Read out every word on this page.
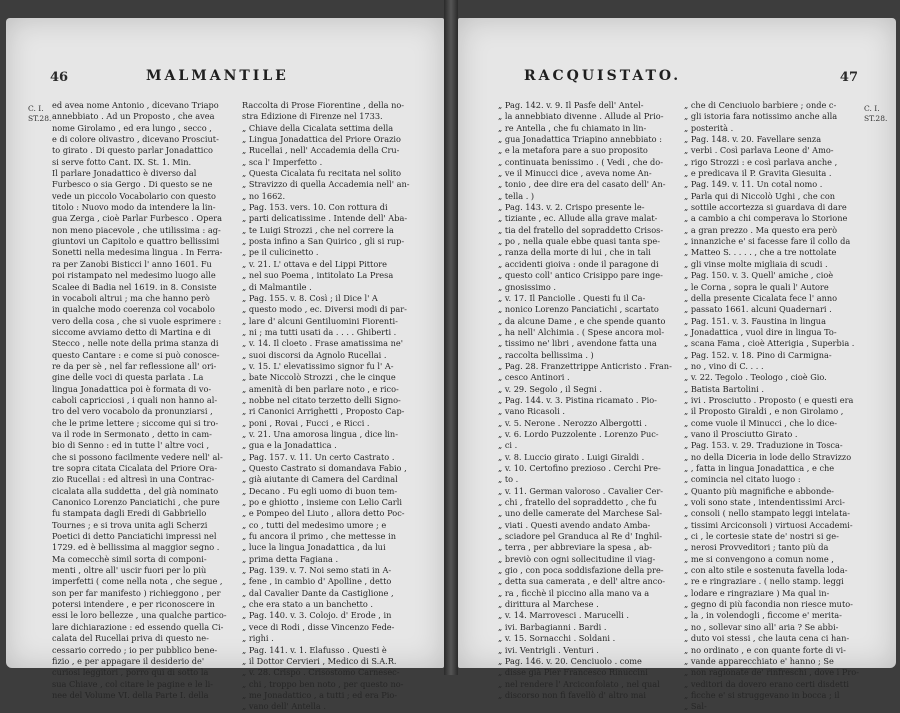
46	MALMANTILE
C. I.
ST.28.

ed avea nome Antonio , dicevano Triapo

annebbiato . Ad un Proposto , che avea

nome Girolamo , ed era lungo , secco ,

e di colore olivastro , dicevano Prosciut-

to girato . Di questo parlar Jonadattico

si serve fotto Cant. IX. St. 1. Min.

Il parlare Jonadattico è diverso dal

Furbesco o sia Gergo . Di questo se ne

vede un piccolo Vocabolario con questo

titolo : Nuovo modo da intendere la lin-

gua Zerga , cioè Parlar Furbesco . Opera

non meno piacevole , che utilissima : ag-

giuntovi un Capitolo e quattro bellissimi

Sonetti nella medesima lingua . In Ferra-

ra per Zanobi Bisticci l' anno 1601. Fu

poi ristampato nel medesimo luogo alle

Scalee di Badia nel 1619. in 8. Consiste

in vocaboli altrui ; ma che hanno però

in qualche modo coerenza col vocabolo

vero della cosa , che si vuole esprimere :

siccome avviamo detto di Martina e di

Stecco , nelle note della prima stanza di

questo Cantare : e come si può conosce-

re da per sè , nel far reflessione all' ori-

gine delle voci di questa parlata . La

lingua Jonadattica poi è formata di vo-

caboli capricciosi , i quali non hanno al-

tro del vero vocabolo da pronunziarsi ,

che le prime lettere ; siccome qui si tro-

va il rode in Sermonato , detto in cam-

bio di Senno : ed in tutte l' altre voci ,

che si possono facilmente vedere nell' al-

tre sopra citata Cicalata del Priore Ora-

zio Rucellai : ed altresì in una Contrac-

cicalata alla suddetta , del già nominato

Canonico Lorenzo Panciatichi , che pure

fu stampata dagli Eredi di Gabbriello

Tournes ; e si trova unita agli Scherzi

Poetici di detto Panciatichi impressi nel

1729. ed è bellissima al maggior segno .

Ma comecchè simil sorta di componi-

menti , oltre all' uscir fuori per lo più

imperfetti ( come nella nota , che segue ,

son per far manifesto ) richieggono , per

potersi intendere , e per riconoscere in

essi le loro bellezze , una qualche partico-

lare dichiarazione : ed essendo quella Ci-

calata del Rucellai priva di questo ne-

cessario corredo ; io per pubblico bene-

fizio , e per appagare il desiderio de'

curiosi leggitori , porro qui di sotto la

sua Chiave , col citare le pagine e le li-

nee del Volume VI. della Parte I. della

Raccolta di Prose Fiorentine , della no-

stra Edizione di Firenze nel 1733.

„ Chiave della Cicalata settima della

„ Lingua Jonadattica del Priore Orazio

„ Rucellai , nell' Accademia della Cru-

„ sca l' Imperfetto .

„ Questa Cicalata fu recitata nel solito

„ Stravizzo di quella Accademia nell' an-

„ no 1662.

„ Pag. 153. vers. 10. Con rottura di

„ parti delicatissime . Intende dell' Aba-

„ te Luigi Strozzi , che nel correre la

„ posta infino a San Quirico , gli si rup-

„ pe il culicinetto .

„ v. 21. L' ottava e del Lippi Pittore

„ nel suo Poema , intitolato La Presa

„ di Malmantile .

„ Pag. 155. v. 8. Così ; il Dice l' A

„ questo modo , ec. Diversi modi di par-

„ lare d' alcuni Gentiluomini Fiorenti-

„ ni ; ma tutti usati da . . . . Ghiberti .

„ v. 14. Il cloeto . Frase amatissima ne'

„ suoi discorsi da Agnolo Rucellai .

„ v. 15. L' elevatissimo signor fu l' A-

„ bate Niccolò Strozzi , che le cinque

„ amenità di ben parlare noto , e rico-

„ nobbe nel citato terzetto delli Signo-

„ ri Canonici Arrighetti , Proposto Cap-

„ poni , Rovai , Fucci , e Ricci .

„ v. 21. Una amorosa lingua , dice lin-

„ gua e la Jonadattica .

„ Pag. 157. v. 11. Un certo Castrato .

„ Questo Castrato si domandava Fabio ,

„ già aiutante di Camera del Cardinal

„ Decano . Fu egli uomo di buon tem-

„ po e ghiotto , insieme con Lelio Carli

„ e Pompeo del Liuto , allora detto Poc-

„ co , tutti del medesimo umore ; e

„ fu ancora il primo , che mettesse in

„ luce la lingua Jonadattica , da lui

„ prima detta Fagiana .

„ Pag. 139. v. 7. Noi semo stati in A-

„ fene , in cambio d' Apolline , detto

„ dal Cavalier Dante da Castiglione ,

„ che era stato a un banchetto .

„ Pag. 140. v. 3. Colojo. d' Erode , in

„ vece di Rodi , disse Vincenzo Fede-

„ righi .

„ Pag. 141. v. 1. Elafusso . Questi è

„ il Dottor Cervieri , Medico di S.A.R.

„ v. 28. Crispo . Crisostomo Carnesec-

„ chi , troppo ben noto , per questo no-

„ me Jonadattico , a tutti ; ed era Pio-

„ vano dell' Antella .

RACQUISTATO.	47
C. I.
ST.28.

„ Pag. 142. v. 9. Il Pasfe dell' Antel-

„ la annebbiato divenne . Allude al Prio-

„ re Antella , che fu chiamato in lin-

„ gua Jonadattica Triapino annebbiato :

„ e la metafora pare a suo proposito

„ continuata benissimo . ( Vedi , che do-

„ ve il Minucci dice , aveva nome An-

„ tonio , dee dire era del casato dell' An-

„ tella . )

„ Pag. 143. v. 2. Crispo presente le-

„ tiziante , ec. Allude alla grave malat-

„ tia del fratello del sopraddetto Crisos-

„ po , nella quale ebbe quasi tanta spe-

„ ranza della morte di lui , che in tali

„ accidenti gioiva : onde il paragone di

„ questo coll' antico Crisippo pare inge-

„ gnosissimo .

„ v. 17. Il Panciolle . Questi fu il Ca-

„ nonico Lorenzo Panciatichi , scartato

„ da alcune Dame , e che spende quanto

„ ha nell' Alchimia . ( Spese ancora mol-

„ tissimo ne' libri , avendone fatta una

„ raccolta bellissima . )

„ Pag. 28. Franzettrippe Anticristo . Fran-

„ cesco Antinori .

„ v. 29. Segolo , il Segni .

„ Pag. 144. v. 3. Pistina ricamato . Pio-

„ vano Ricasoli .

„ v. 5. Nerone . Nerozzo Albergotti .

„ v. 6. Lordo Puzzolente . Lorenzo Puc-

„ ci .

„ v. 8. Luccio girato . Luigi Giraldi .

„ v. 10. Certofino prezioso . Cerchi Pre-

„ to .

„ v. 11. German valoroso . Cavalier Cer-

„ chi , fratello del sopraddetto , che fu

„ uno delle camerate del Marchese Sal-

„ viati . Questi avendo andato Amba-

„ sciadore pel Granduca al Re d' Inghil-

„ terra , per abbreviare la spesa , ab-

„ breviò con ogni sollecitudine il viag-

„ gio , con poca soddisfazione della pre-

„ detta sua camerata , e dell' altre anco-

„ ra , ficchè il piccino alla mano va a

„ dirittura al Marchese .

„ v. 14. Marrovesci . Marucelli .

„ ivi. Barbagianni . Bardi .

„ v. 15. Sornacchi . Soldani .

„ ivi. Ventrigli . Venturi .

„ Pag. 146. v. 20. Cenciuolo . come

„ disse già Pier Francesco Rinuccini

„ nel rendere l' Arciconfolato , nel qual

„ discorso non fi favellò d' altro mai

„ che di Cenciuolo barbiere ; onde c-

„ gli istoria fara notissimo anche alla

„ posterità .

„ Pag. 148. v. 20. Favellare senza

„ verbi . Così parlava Leone d' Amo-

„ rigo Strozzi : e così parlava anche ,

„ e predicava il P. Gravita Giesuita .

„ Pag. 149. v. 11. Un cotal nomo .

„ Parla qui di Niccolò Ughi , che con

„ sottile accortezza si guardava di dare

„ a cambio a chi comperava lo Storione

„ a gran prezzo . Ma questo era però

„ innanziche e' si facesse fare il collo da

„ Matteo S. . . . . , che a tre nottolate

„ gli vinse molte migliaia di scudi .

„ Pag. 150. v. 3. Quell' amiche , cioè

„ le Corna , sopra le quali l' Autore

„ della presente Cicalata fece l' anno

„ passato 1661. alcuni Quadernari .

„ Pag. 151. v. 3. Faustina in lingua

„ Jonadattica , vuol dire in lingua To-

„ scana Fama , cioè Atterigia , Superbia .

„ Pag. 152. v. 18. Pino di Carmigna-

„ no , vino di C. . . .

„ v. 22. Tegolo . Teologo , cioè Gio.

„ Batista Bartolini .

„ ivi . Prosciutto . Proposto ( e questi era

„ il Proposto Giraldi , e non Girolamo ,

„ come vuole il Minucci , che lo dice-

„ vano il Prosciutto Girato .

„ Pag. 153. v. 29. Traduzione in Tosca-

„ no della Diceria in lode dello Stravizzo

„ , fatta in lingua Jonadattica , e che

„ comincia nel citato luogo :

„ Quanto più magnifiche e abbonde-

„ voli sono state , intendentissimi Arci-

„ consoli ( nello stampato leggi intelata-

„ tissimi Arciconsoli ) virtuosi Accademi-

„ ci , le cortesie state de' nostri si ge-

„ nerosi Provveditori ; tanto più da

„ me si convengono a comun nome ,

„ con alto stile e sostenuta favella loda-

„ re e ringraziare . ( nello stamp. leggi

„ lodare e ringraziare ) Ma qual in-

„ gegno di più facondia non riesce muto-

„ la , in volendogli , ficcome e' merita-

„ no , sollevar sino all' aria ? Se abbi-

„ duto voi stessi , che lauta cena ci han-

„ no ordinato , e con quante forte di vi-

„ vande apparecchiato e' hanno ; Se

„ non ragionate de' rinfreschi , dove i Pro-

„ veditori da dovero erano certi disdetti

„ ficche e' si struggevano in bocca ; il

„ Sal-
